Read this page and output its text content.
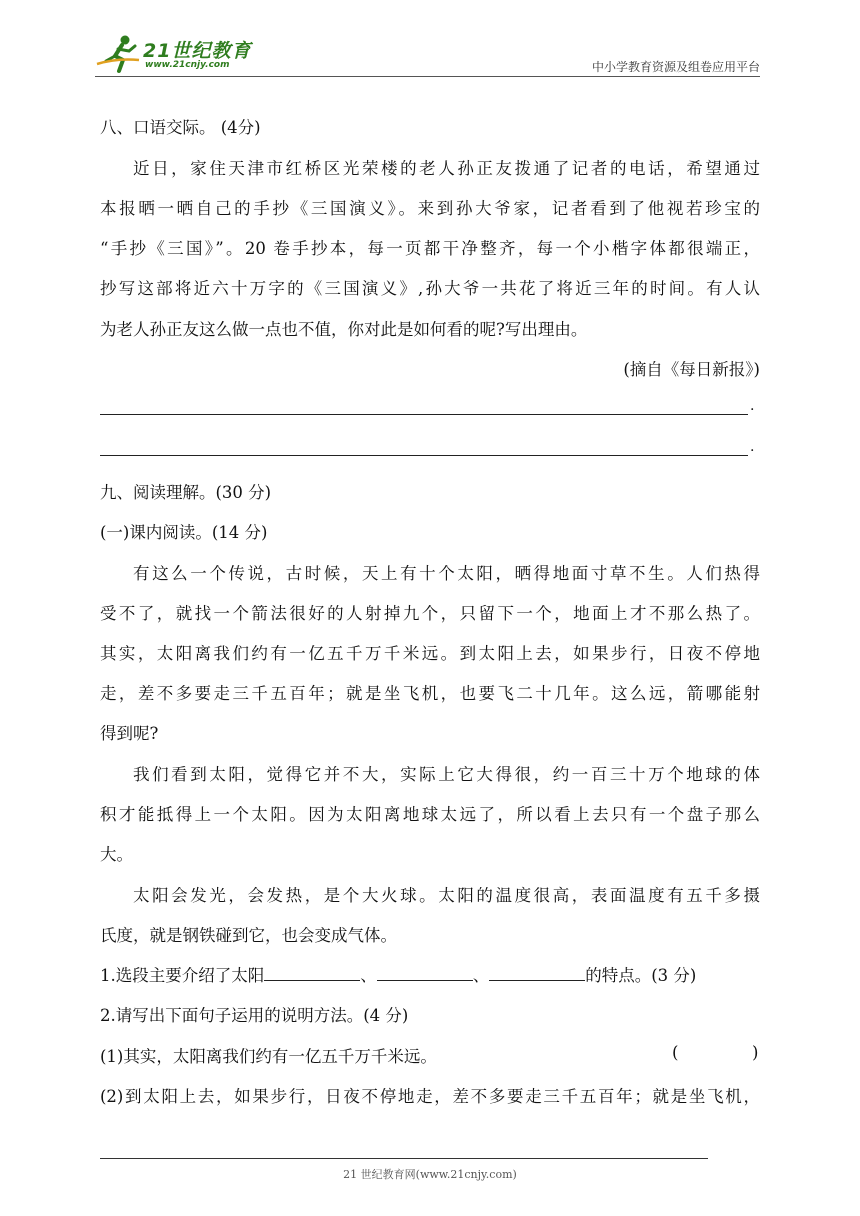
21世纪教育
www.21cnjy.com	中小学教育资源及组卷应用平台
八、口语交际。 (4分)
近日，家住天津市红桥区光荣楼的老人孙正友拨通了记者的电话，希望通过
本报晒一晒自己的手抄《三国演义》。来到孙大爷家，记者看到了他视若珍宝的
“手抄《三国》”。20 卷手抄本，每一页都干净整齐，每一个小楷字体都很端正，
抄写这部将近六十万字的《三国演义》,孙大爷一共花了将近三年的时间。有人认
为老人孙正友这么做一点也不值，你对此是如何看的呢?写出理由。
(摘自《每日新报》)
.
.
九、阅读理解。(30 分)
(一)课内阅读。(14 分)
有这么一个传说，古时候，天上有十个太阳，晒得地面寸草不生。人们热得
受不了，就找一个箭法很好的人射掉九个，只留下一个，地面上才不那么热了。
其实，太阳离我们约有一亿五千万千米远。到太阳上去，如果步行，日夜不停地
走，差不多要走三千五百年；就是坐飞机，也要飞二十几年。这么远，箭哪能射
得到呢?
我们看到太阳，觉得它并不大，实际上它大得很，约一百三十万个地球的体
积才能抵得上一个太阳。因为太阳离地球太远了，所以看上去只有一个盘子那么
大。
太阳会发光，会发热，是个大火球。太阳的温度很高，表面温度有五千多摄
氏度，就是钢铁碰到它，也会变成气体。
1.选段主要介绍了太阳	、	、	的特点。(3 分)
2.请写出下面句子运用的说明方法。(4 分)
(1)其实，太阳离我们约有一亿五千万千米远。	(	)
(2)到太阳上去，如果步行，日夜不停地走，差不多要走三千五百年；就是坐飞机，
21 世纪教育网(www.21cnjy.com)
